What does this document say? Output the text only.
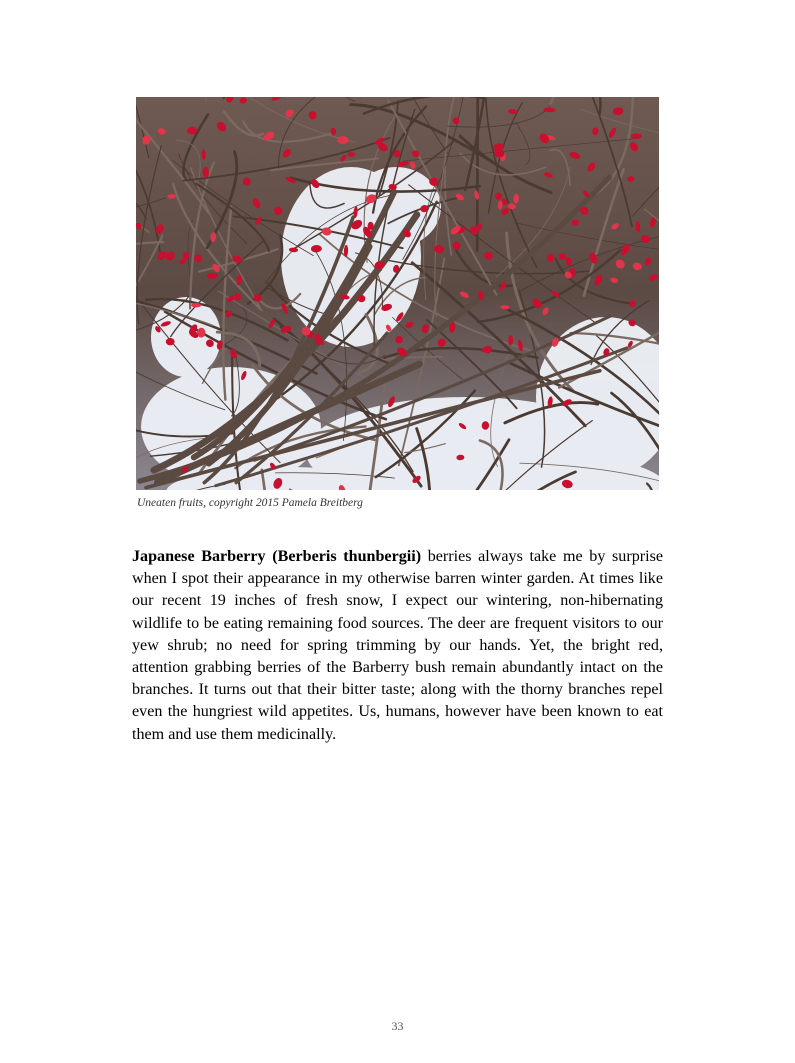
Uneaten fruits, copyright 2015 Pamela Breitberg

Japanese Barberry (Berberis thunbergii) berries always take me by surprise when I spot their appearance in my otherwise barren winter garden. At times like our recent 19 inches of fresh snow, I expect our wintering, non-hibernating wildlife to be eating remaining food sources. The deer are frequent visitors to our yew shrub; no need for spring trimming by our hands. Yet, the bright red, attention grabbing berries of the Barberry bush remain abundantly intact on the branches. It turns out that their bitter taste; along with the thorny branches repel even the hungriest wild appetites. Us, humans, however have been known to eat them and use them medicinally.

33
